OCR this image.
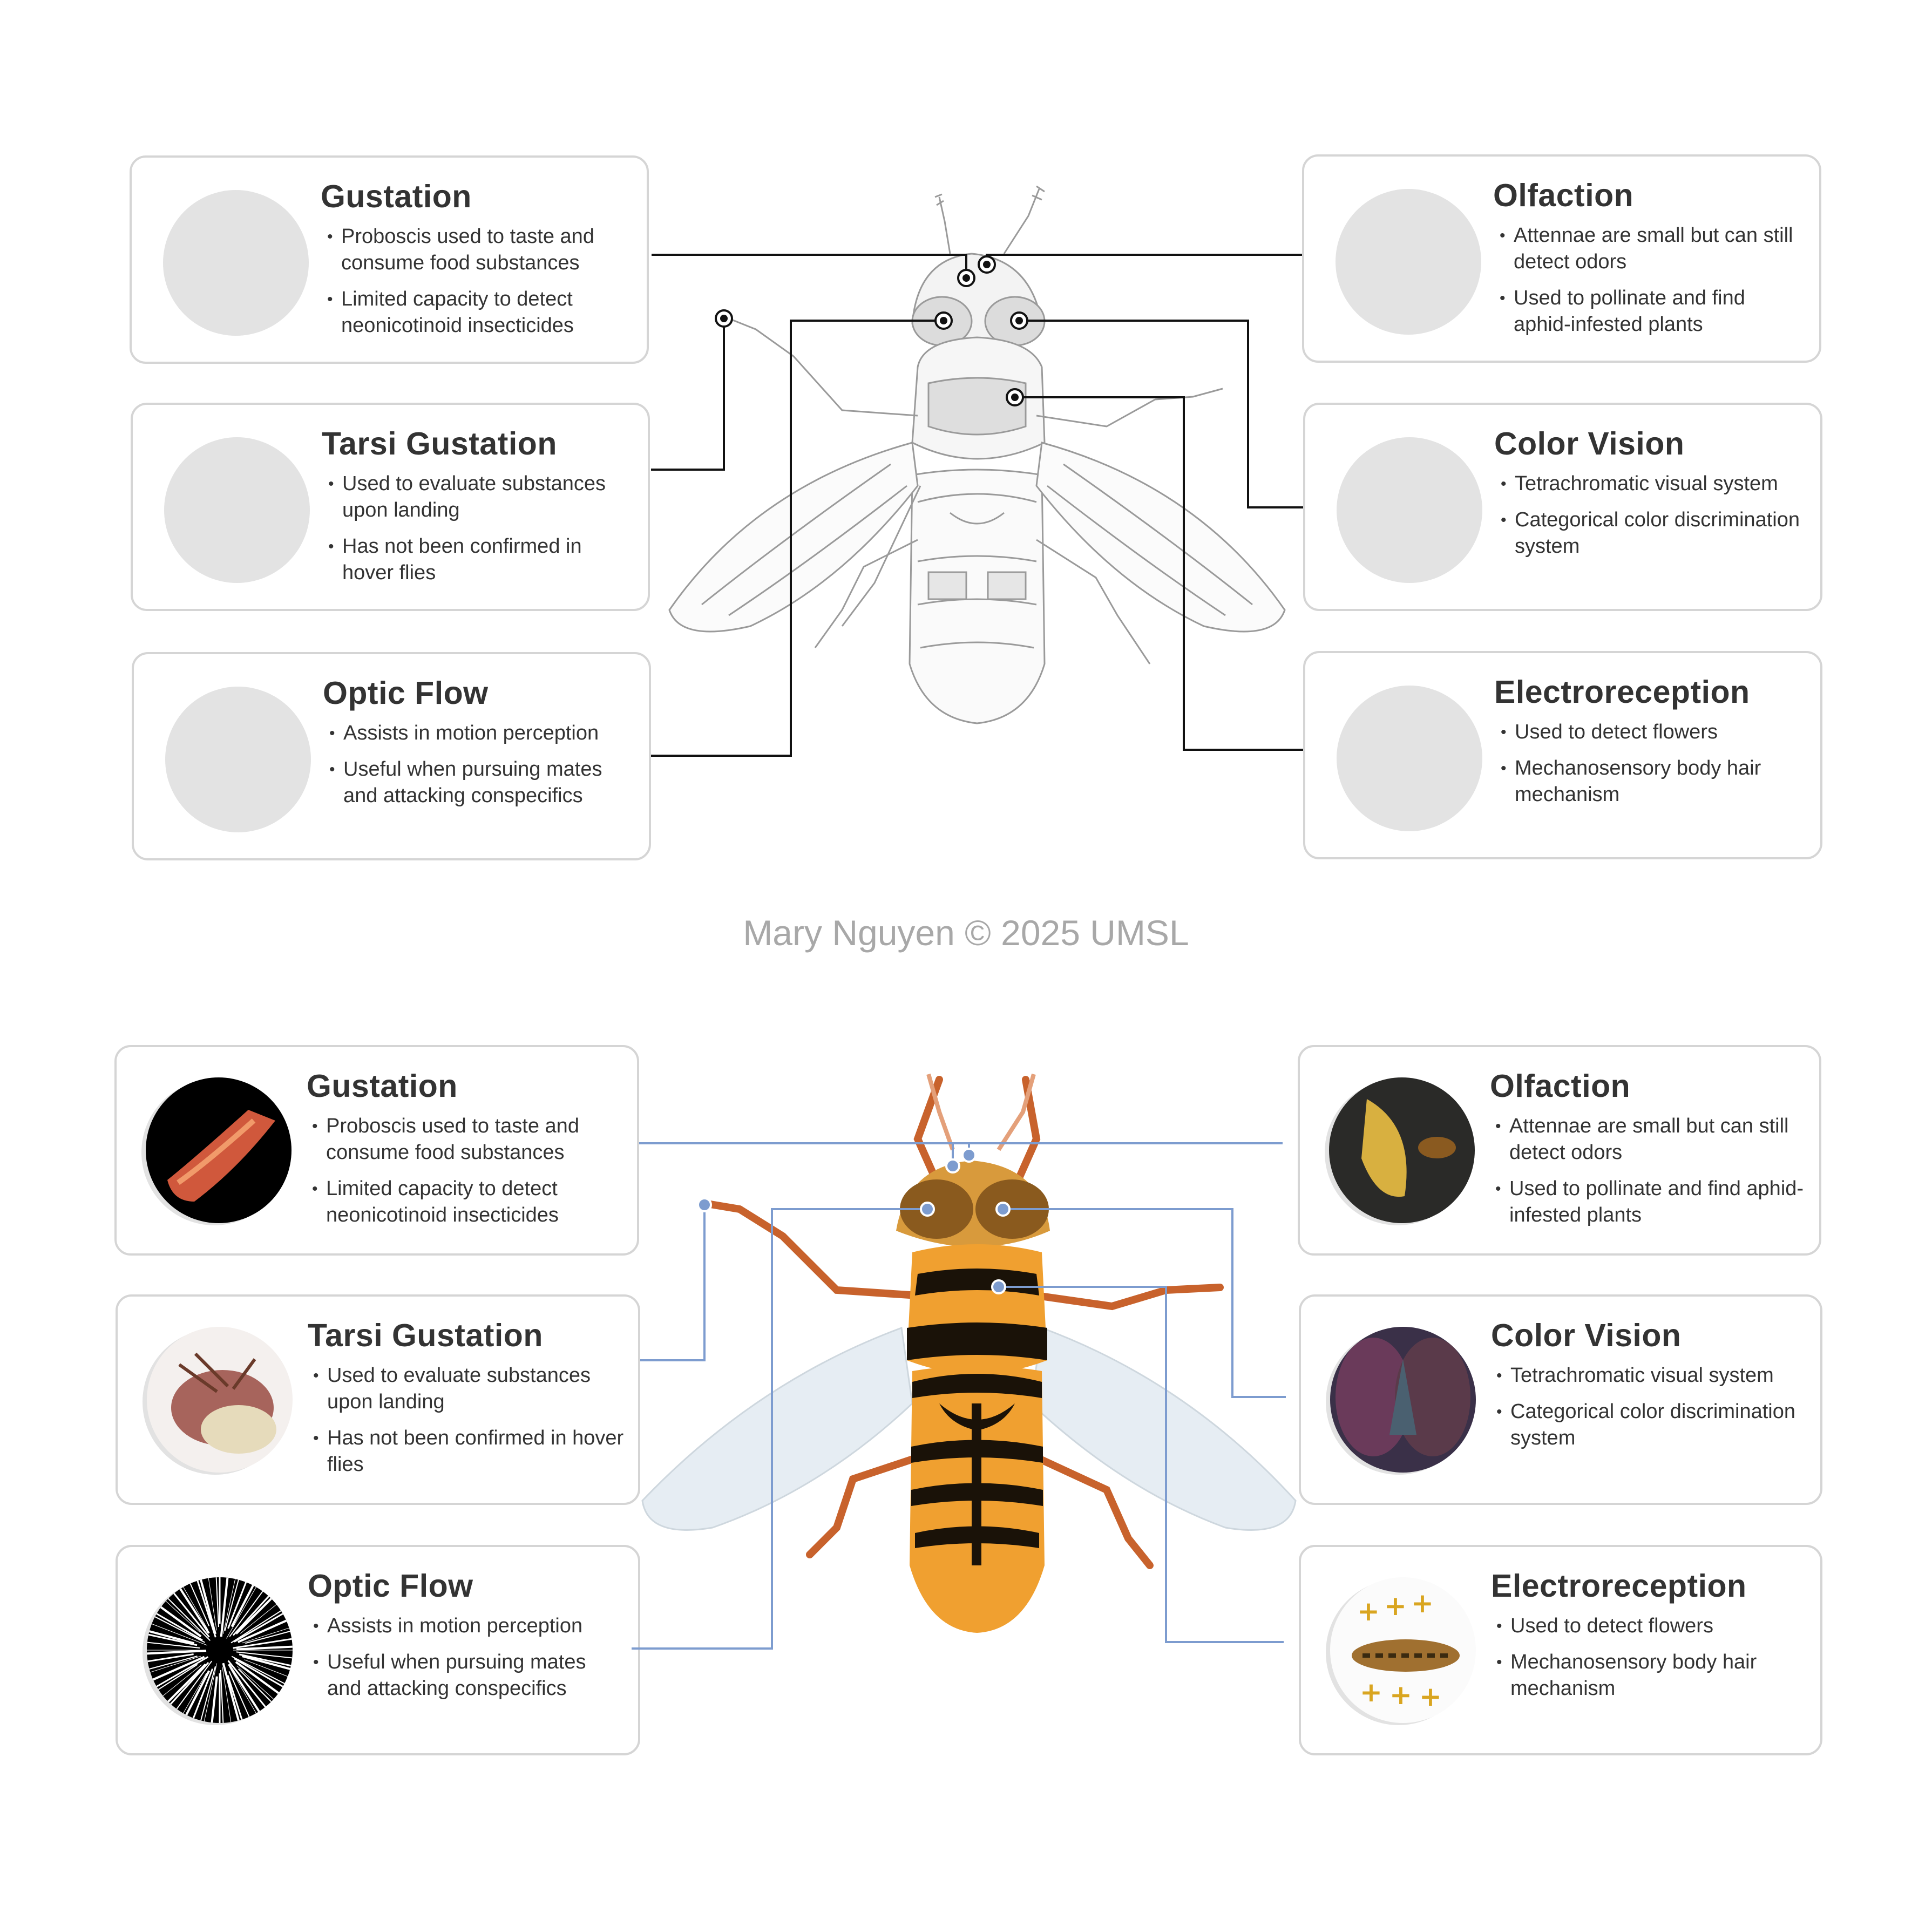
Gustation
• Proboscis used to taste and consume food substances
• Limited capacity to detect neonicotinoid insecticides
Tarsi Gustation
• Used to evaluate substances upon landing
• Has not been confirmed in hover flies
Optic Flow
• Assists in motion perception
• Useful when pursuing mates and attacking conspecifics
Olfaction
• Attennae are small but can still detect odors
• Used to pollinate and find aphid-infested plants
Color Vision
• Tetrachromatic visual system
• Categorical color discrimination system
Electroreception
• Used to detect flowers
• Mechanosensory body hair mechanism
Mary Nguyen © 2025 UMSL
Gustation
• Proboscis used to taste and consume food substances
• Limited capacity to detect neonicotinoid insecticides
Tarsi Gustation
• Used to evaluate substances upon landing
• Has not been confirmed in hover flies
Optic Flow
• Assists in motion perception
• Useful when pursuing mates and attacking conspecifics
Olfaction
• Attennae are small but can still detect odors
• Used to pollinate and find aphid-infested plants
Color Vision
• Tetrachromatic visual system
• Categorical color discrimination system
+ + +
+ + +
Electroreception
• Used to detect flowers
• Mechanosensory body hair mechanism
